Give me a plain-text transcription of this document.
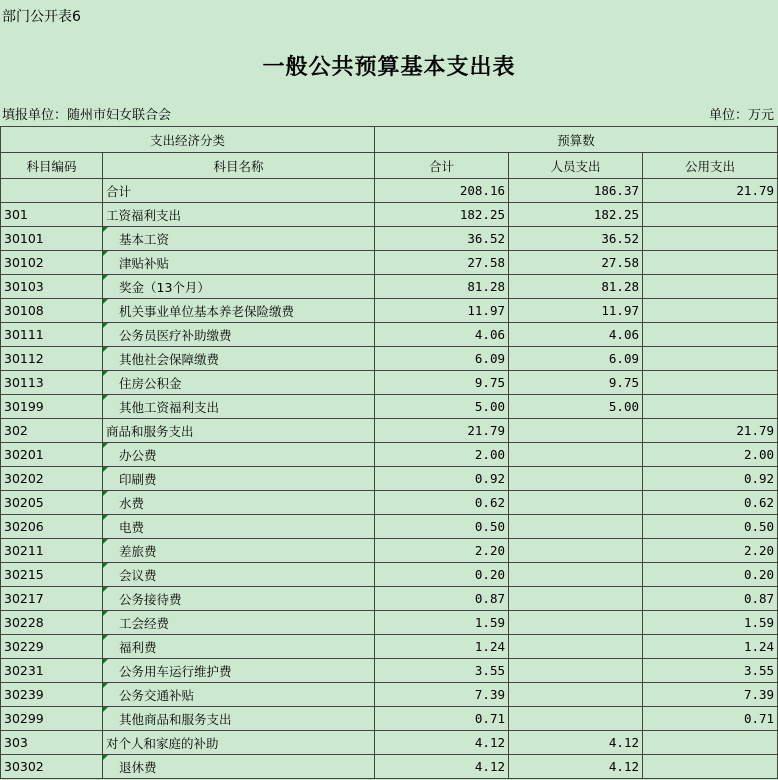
部门公开表6
一般公共预算基本支出表
填报单位：随州市妇女联合会	单位：万元
支出经济分类		预算数		
科目编码	科目名称	合计	人员支出	公用支出
	合计	208.16	186.37	21.79
301	工资福利支出	182.25	182.25	
30101	基本工资	36.52	36.52	
30102	津贴补贴	27.58	27.58	
30103	奖金（13个月）	81.28	81.28	
30108	机关事业单位基本养老保险缴费	11.97	11.97	
30111	公务员医疗补助缴费	4.06	4.06	
30112	其他社会保障缴费	6.09	6.09	
30113	住房公积金	9.75	9.75	
30199	其他工资福利支出	5.00	5.00	
302	商品和服务支出	21.79		21.79
30201	办公费	2.00		2.00
30202	印刷费	0.92		0.92
30205	水费	0.62		0.62
30206	电费	0.50		0.50
30211	差旅费	2.20		2.20
30215	会议费	0.20		0.20
30217	公务接待费	0.87		0.87
30228	工会经费	1.59		1.59
30229	福利费	1.24		1.24
30231	公务用车运行维护费	3.55		3.55
30239	公务交通补贴	7.39		7.39
30299	其他商品和服务支出	0.71		0.71
303	对个人和家庭的补助	4.12	4.12	
30302	退休费	4.12	4.12	
